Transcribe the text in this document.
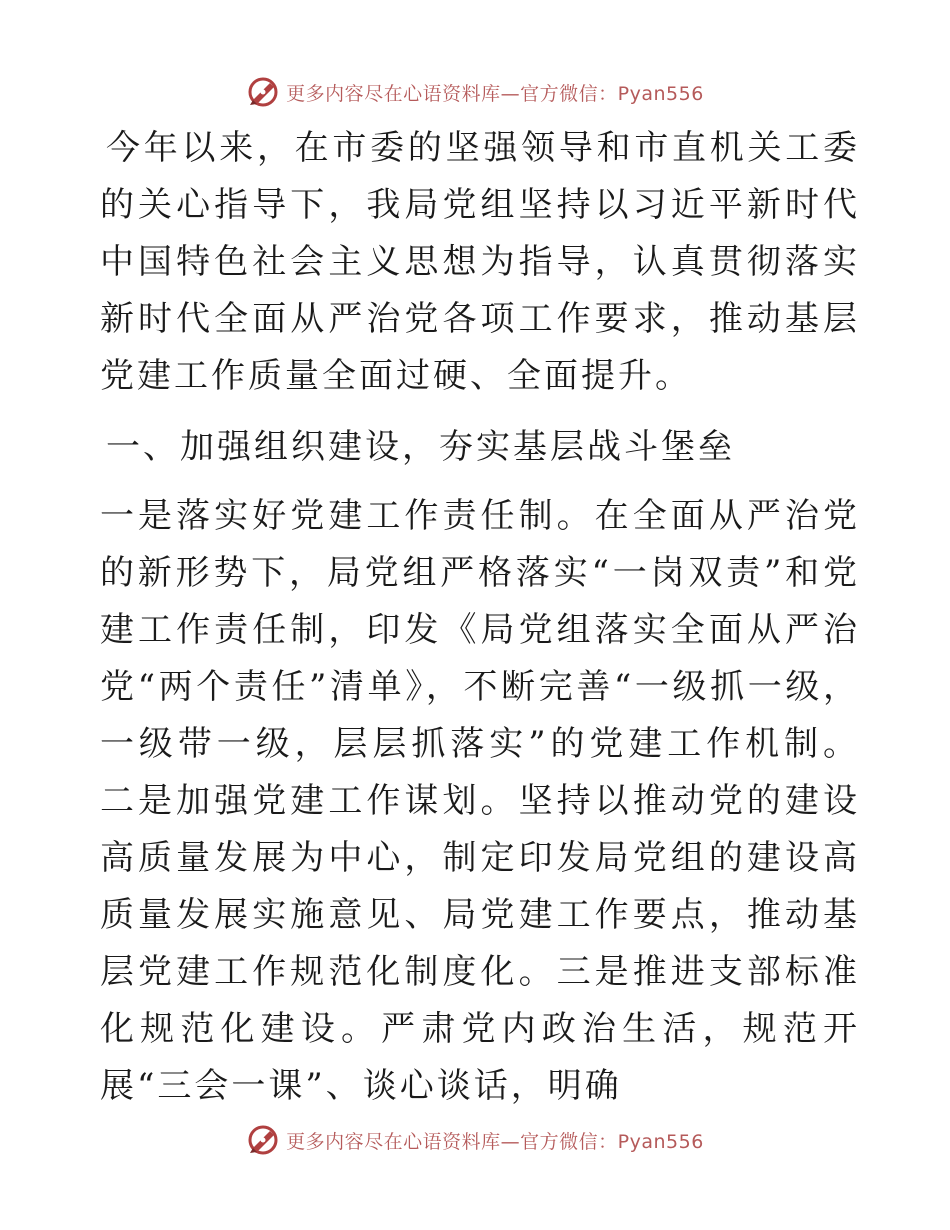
更多内容尽在心语资料库—官方微信：Pyan556

今年以来，在市委的坚强领导和市直机关工委的关心指导下，我局党组坚持以习近平新时代中国特色社会主义思想为指导，认真贯彻落实新时代全面从严治党各项工作要求，推动基层党建工作质量全面过硬、全面提升。

一、加强组织建设，夯实基层战斗堡垒

一是落实好党建工作责任制。在全面从严治党的新形势下，局党组严格落实“一岗双责”和党建工作责任制，印发《局党组落实全面从严治党“两个责任”清单》，不断完善“一级抓一级，一级带一级，层层抓落实”的党建工作机制。二是加强党建工作谋划。坚持以推动党的建设高质量发展为中心，制定印发局党组的建设高质量发展实施意见、局党建工作要点，推动基层党建工作规范化制度化。三是推进支部标准化规范化建设。严肃党内政治生活，规范开展“三会一课”、谈心谈话，明确

更多内容尽在心语资料库—官方微信：Pyan556
